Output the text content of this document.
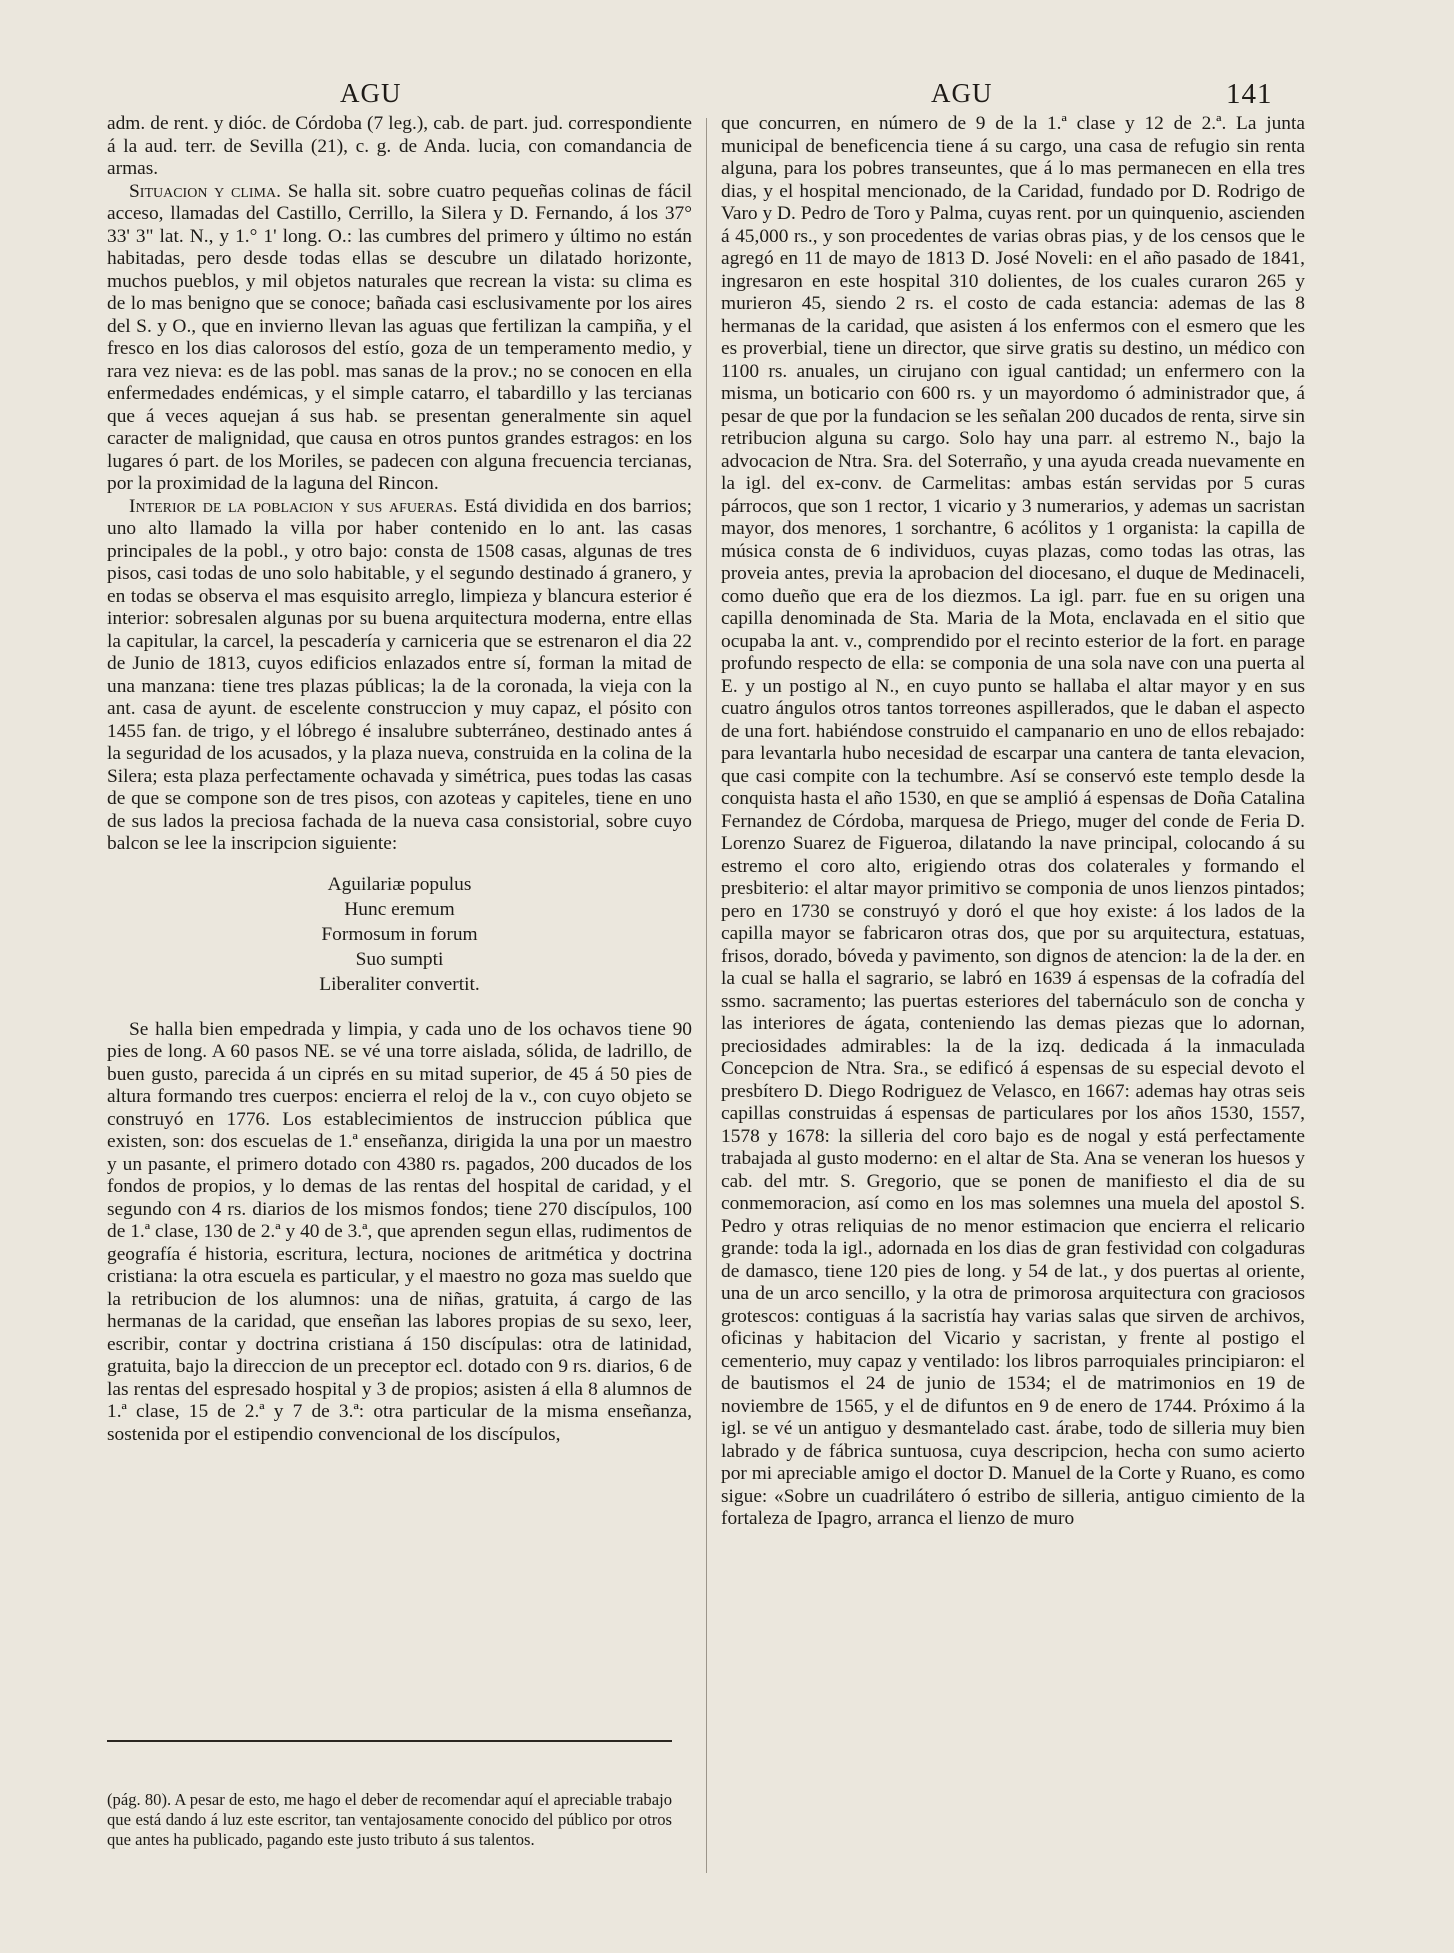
AGU	AGU	141

adm. de rent. y dióc. de Córdoba (7 leg.), cab. de part. jud. correspondiente á la aud. terr. de Sevilla (21), c. g. de Anda. lucia, con comandancia de armas.

Situacion y clima. Se halla sit. sobre cuatro pequeñas colinas de fácil acceso, llamadas del Castillo, Cerrillo, la Silera y D. Fernando, á los 37° 33' 3" lat. N., y 1.° 1' long. O.: las cumbres del primero y último no están habitadas, pero desde todas ellas se descubre un dilatado horizonte, muchos pueblos, y mil objetos naturales que recrean la vista: su clima es de lo mas benigno que se conoce; bañada casi esclusivamente por los aires del S. y O., que en invierno llevan las aguas que fertilizan la campiña, y el fresco en los dias calorosos del estío, goza de un temperamento medio, y rara vez nieva: es de las pobl. mas sanas de la prov.; no se conocen en ella enfermedades endémicas, y el simple catarro, el tabardillo y las tercianas que á veces aquejan á sus hab. se presentan generalmente sin aquel caracter de malignidad, que causa en otros puntos grandes estragos: en los lugares ó part. de los Moriles, se padecen con alguna frecuencia tercianas, por la proximidad de la laguna del Rincon.

Interior de la poblacion y sus afueras. Está dividida en dos barrios; uno alto llamado la villa por haber contenido en lo ant. las casas principales de la pobl., y otro bajo: consta de 1508 casas, algunas de tres pisos, casi todas de uno solo habitable, y el segundo destinado á granero, y en todas se observa el mas esquisito arreglo, limpieza y blancura esterior é interior: sobresalen algunas por su buena arquitectura moderna, entre ellas la capitular, la carcel, la pescadería y carniceria que se estrenaron el dia 22 de Junio de 1813, cuyos edificios enlazados entre sí, forman la mitad de una manzana: tiene tres plazas públicas; la de la coronada, la vieja con la ant. casa de ayunt. de escelente construccion y muy capaz, el pósito con 1455 fan. de trigo, y el lóbrego é insalubre subterráneo, destinado antes á la seguridad de los acusados, y la plaza nueva, construida en la colina de la Silera; esta plaza perfectamente ochavada y simétrica, pues todas las casas de que se compone son de tres pisos, con azoteas y capiteles, tiene en uno de sus lados la preciosa fachada de la nueva casa consistorial, sobre cuyo balcon se lee la inscripcion siguiente:

Aguilariæ populus
Hunc eremum
Formosum in forum
Suo sumpti
Liberaliter convertit.

Se halla bien empedrada y limpia, y cada uno de los ochavos tiene 90 pies de long. A 60 pasos NE. se vé una torre aislada, sólida, de ladrillo, de buen gusto, parecida á un ciprés en su mitad superior, de 45 á 50 pies de altura formando tres cuerpos: encierra el reloj de la v., con cuyo objeto se construyó en 1776. Los establecimientos de instruccion pública que existen, son: dos escuelas de 1.ª enseñanza, dirigida la una por un maestro y un pasante, el primero dotado con 4380 rs. pagados, 200 ducados de los fondos de propios, y lo demas de las rentas del hospital de caridad, y el segundo con 4 rs. diarios de los mismos fondos; tiene 270 discípulos, 100 de 1.ª clase, 130 de 2.ª y 40 de 3.ª, que aprenden segun ellas, rudimentos de geografía é historia, escritura, lectura, nociones de aritmética y doctrina cristiana: la otra escuela es particular, y el maestro no goza mas sueldo que la retribucion de los alumnos: una de niñas, gratuita, á cargo de las hermanas de la caridad, que enseñan las labores propias de su sexo, leer, escribir, contar y doctrina cristiana á 150 discípulas: otra de latinidad, gratuita, bajo la direccion de un preceptor ecl. dotado con 9 rs. diarios, 6 de las rentas del espresado hospital y 3 de propios; asisten á ella 8 alumnos de 1.ª clase, 15 de 2.ª y 7 de 3.ª: otra particular de la misma enseñanza, sostenida por el estipendio convencional de los discípulos,

(pág. 80). A pesar de esto, me hago el deber de recomendar aquí el apreciable trabajo que está dando á luz este escritor, tan ventajosamente conocido del público por otros que antes ha publicado, pagando este justo tributo á sus talentos.

que concurren, en número de 9 de la 1.ª clase y 12 de 2.ª. La junta municipal de beneficencia tiene á su cargo, una casa de refugio sin renta alguna, para los pobres transeuntes, que á lo mas permanecen en ella tres dias, y el hospital mencionado, de la Caridad, fundado por D. Rodrigo de Varo y D. Pedro de Toro y Palma, cuyas rent. por un quinquenio, ascienden á 45,000 rs., y son procedentes de varias obras pias, y de los censos que le agregó en 11 de mayo de 1813 D. José Noveli: en el año pasado de 1841, ingresaron en este hospital 310 dolientes, de los cuales curaron 265 y murieron 45, siendo 2 rs. el costo de cada estancia: ademas de las 8 hermanas de la caridad, que asisten á los enfermos con el esmero que les es proverbial, tiene un director, que sirve gratis su destino, un médico con 1100 rs. anuales, un cirujano con igual cantidad; un enfermero con la misma, un boticario con 600 rs. y un mayordomo ó administrador que, á pesar de que por la fundacion se les señalan 200 ducados de renta, sirve sin retribucion alguna su cargo. Solo hay una parr. al estremo N., bajo la advocacion de Ntra. Sra. del Soterraño, y una ayuda creada nuevamente en la igl. del ex-conv. de Carmelitas: ambas están servidas por 5 curas párrocos, que son 1 rector, 1 vicario y 3 numerarios, y ademas un sacristan mayor, dos menores, 1 sorchantre, 6 acólitos y 1 organista: la capilla de música consta de 6 individuos, cuyas plazas, como todas las otras, las proveia antes, previa la aprobacion del diocesano, el duque de Medinaceli, como dueño que era de los diezmos. La igl. parr. fue en su origen una capilla denominada de Sta. Maria de la Mota, enclavada en el sitio que ocupaba la ant. v., comprendido por el recinto esterior de la fort. en parage profundo respecto de ella: se componia de una sola nave con una puerta al E. y un postigo al N., en cuyo punto se hallaba el altar mayor y en sus cuatro ángulos otros tantos torreones aspillerados, que le daban el aspecto de una fort. habiéndose construido el campanario en uno de ellos rebajado: para levantarla hubo necesidad de escarpar una cantera de tanta elevacion, que casi compite con la techumbre. Así se conservó este templo desde la conquista hasta el año 1530, en que se amplió á espensas de Doña Catalina Fernandez de Córdoba, marquesa de Priego, muger del conde de Feria D. Lorenzo Suarez de Figueroa, dilatando la nave principal, colocando á su estremo el coro alto, erigiendo otras dos colaterales y formando el presbiterio: el altar mayor primitivo se componia de unos lienzos pintados; pero en 1730 se construyó y doró el que hoy existe: á los lados de la capilla mayor se fabricaron otras dos, que por su arquitectura, estatuas, frisos, dorado, bóveda y pavimento, son dignos de atencion: la de la der. en la cual se halla el sagrario, se labró en 1639 á espensas de la cofradía del ssmo. sacramento; las puertas esteriores del tabernáculo son de concha y las interiores de ágata, conteniendo las demas piezas que lo adornan, preciosidades admirables: la de la izq. dedicada á la inmaculada Concepcion de Ntra. Sra., se edificó á espensas de su especial devoto el presbítero D. Diego Rodriguez de Velasco, en 1667: ademas hay otras seis capillas construidas á espensas de particulares por los años 1530, 1557, 1578 y 1678: la silleria del coro bajo es de nogal y está perfectamente trabajada al gusto moderno: en el altar de Sta. Ana se veneran los huesos y cab. del mtr. S. Gregorio, que se ponen de manifiesto el dia de su conmemoracion, así como en los mas solemnes una muela del apostol S. Pedro y otras reliquias de no menor estimacion que encierra el relicario grande: toda la igl., adornada en los dias de gran festividad con colgaduras de damasco, tiene 120 pies de long. y 54 de lat., y dos puertas al oriente, una de un arco sencillo, y la otra de primorosa arquitectura con graciosos grotescos: contiguas á la sacristía hay varias salas que sirven de archivos, oficinas y habitacion del Vicario y sacristan, y frente al postigo el cementerio, muy capaz y ventilado: los libros parroquiales principiaron: el de bautismos el 24 de junio de 1534; el de matrimonios en 19 de noviembre de 1565, y el de difuntos en 9 de enero de 1744. Próximo á la igl. se vé un antiguo y desmantelado cast. árabe, todo de silleria muy bien labrado y de fábrica suntuosa, cuya descripcion, hecha con sumo acierto por mi apreciable amigo el doctor D. Manuel de la Corte y Ruano, es como sigue: «Sobre un cuadrilátero ó estribo de silleria, antiguo cimiento de la fortaleza de Ipagro, arranca el lienzo de muro
